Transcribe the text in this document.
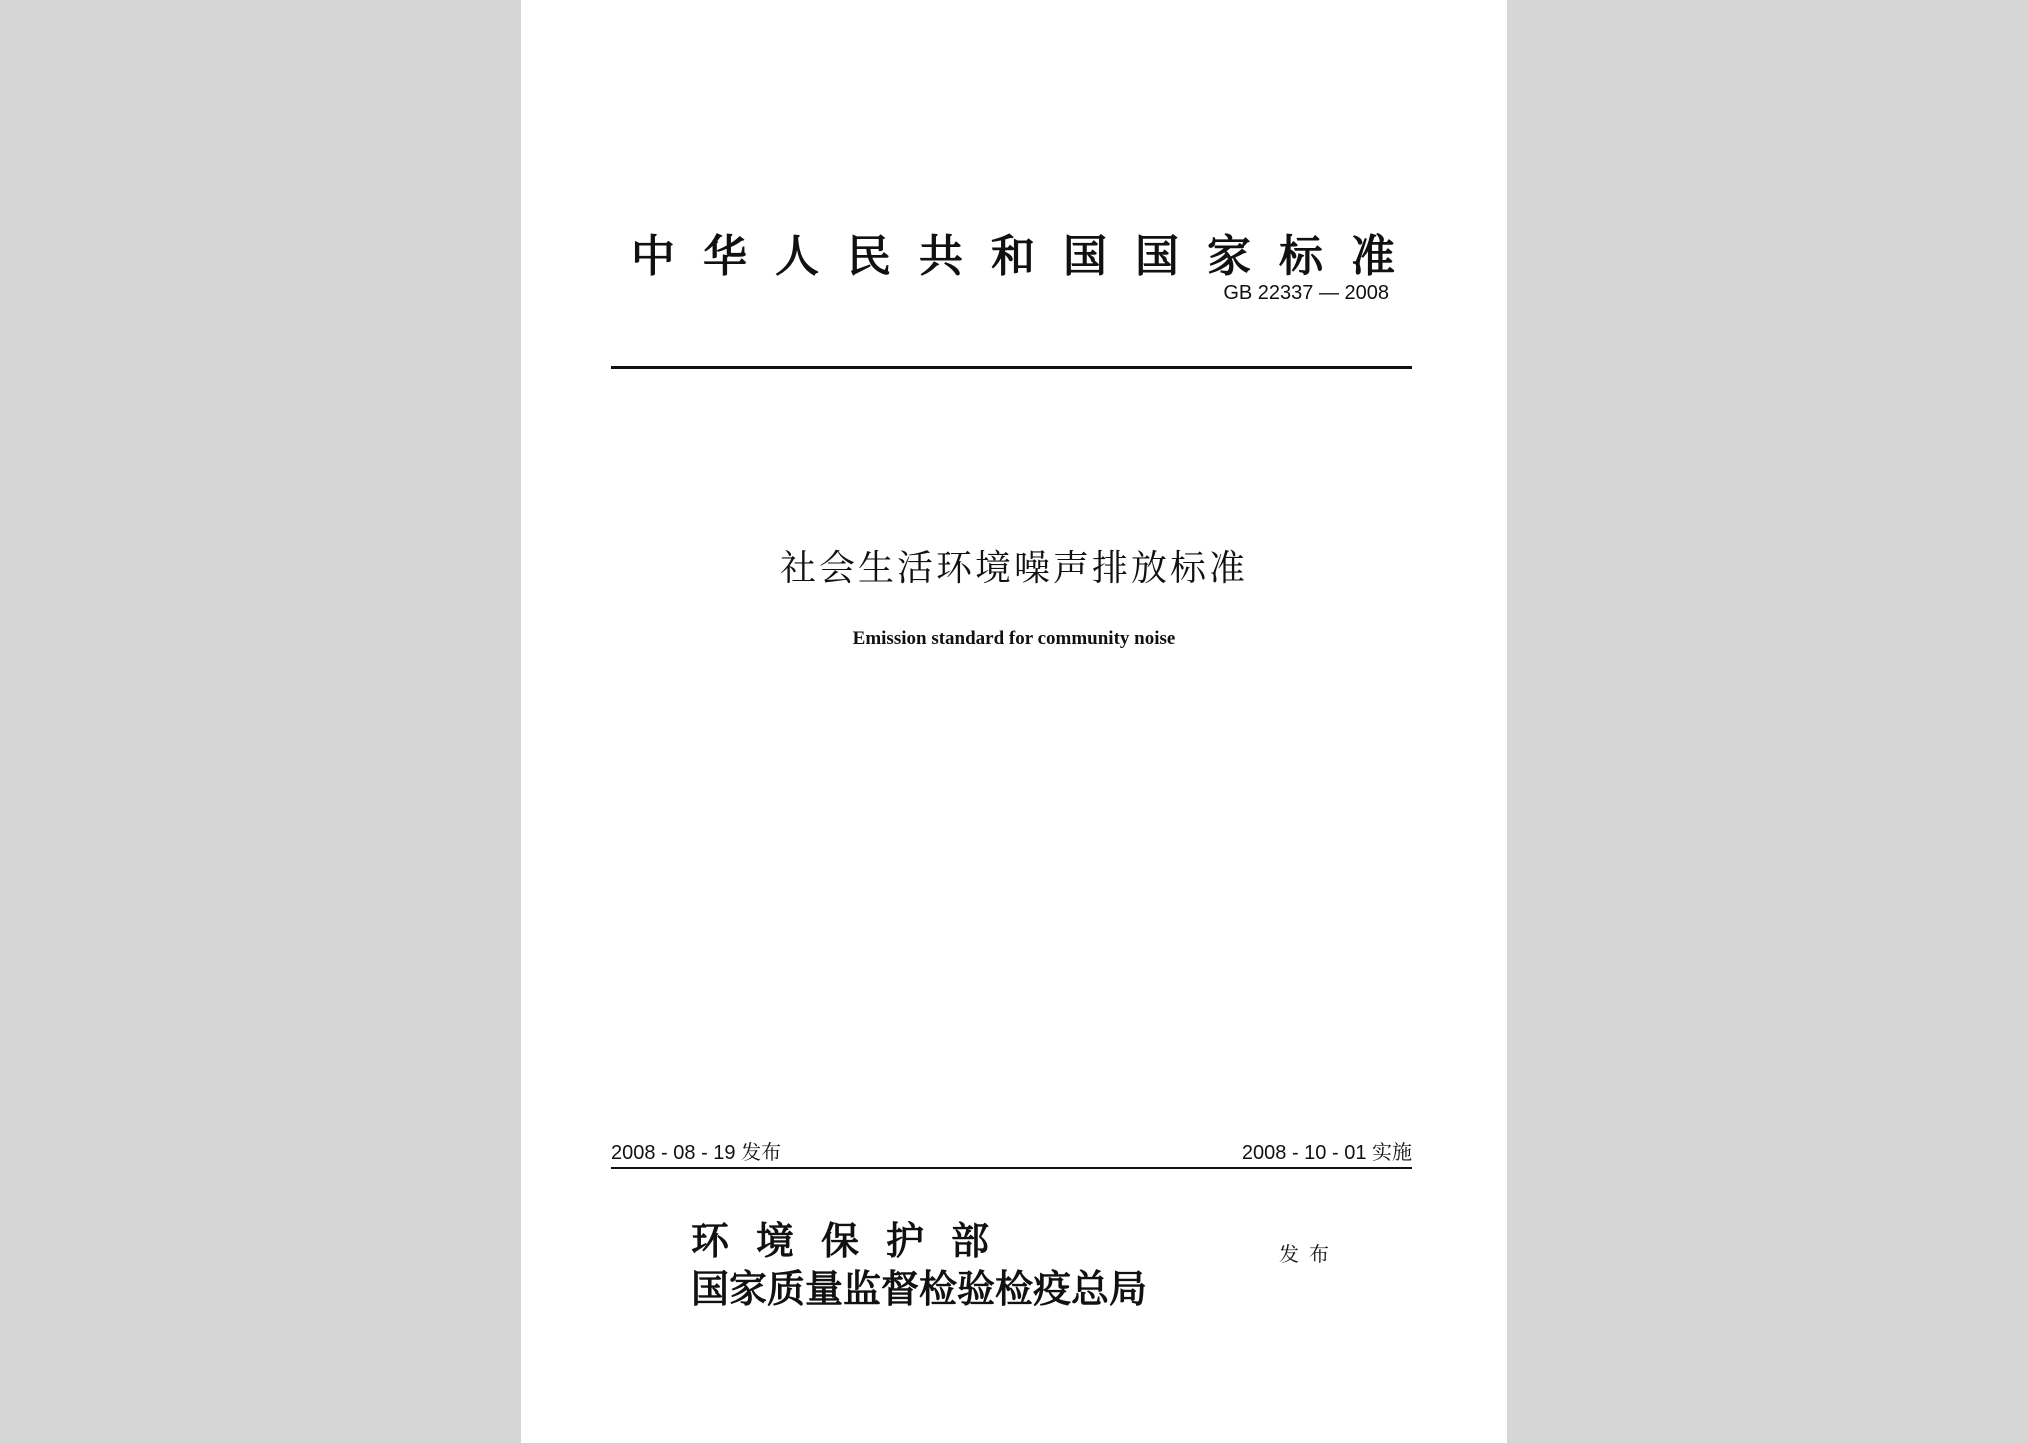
中华人民共和国国家标准
GB 22337 — 2008
社会生活环境噪声排放标准
Emission standard for community noise
2008 - 08 - 19 发布	2008 - 10 - 01 实施
环 境 保 护 部
国家质量监督检验检疫总局
发布
